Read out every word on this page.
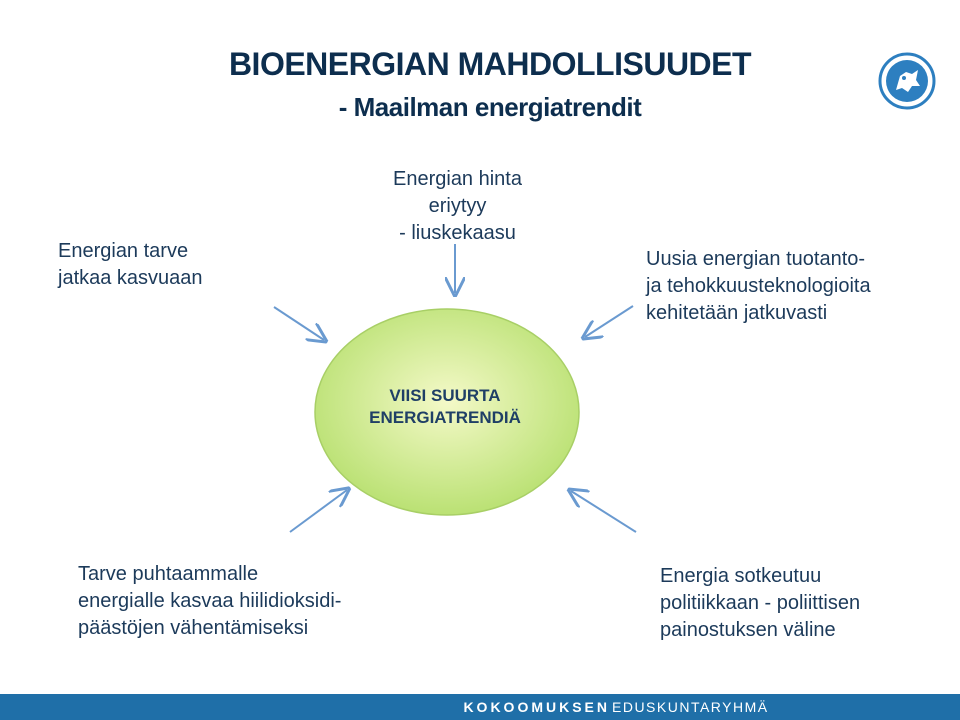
BIOENERGIAN MAHDOLLISUUDET
- Maailman energiatrendit
VIISI SUURTA
ENERGIATRENDIÄ
Energian tarve
jatkaa kasvuaan
Energian hinta
eriytyy
- liuskekaasu
Uusia energian tuotanto-
ja tehokkuusteknologioita
kehitetään jatkuvasti
Tarve puhtaammalle
energialle kasvaa hiilidioksidi-
päästöjen vähentämiseksi
Energia sotkeutuu
politiikkaan - poliittisen
painostuksen väline
KOKOOMUKSEN EDUSKUNTARYHMÄ
